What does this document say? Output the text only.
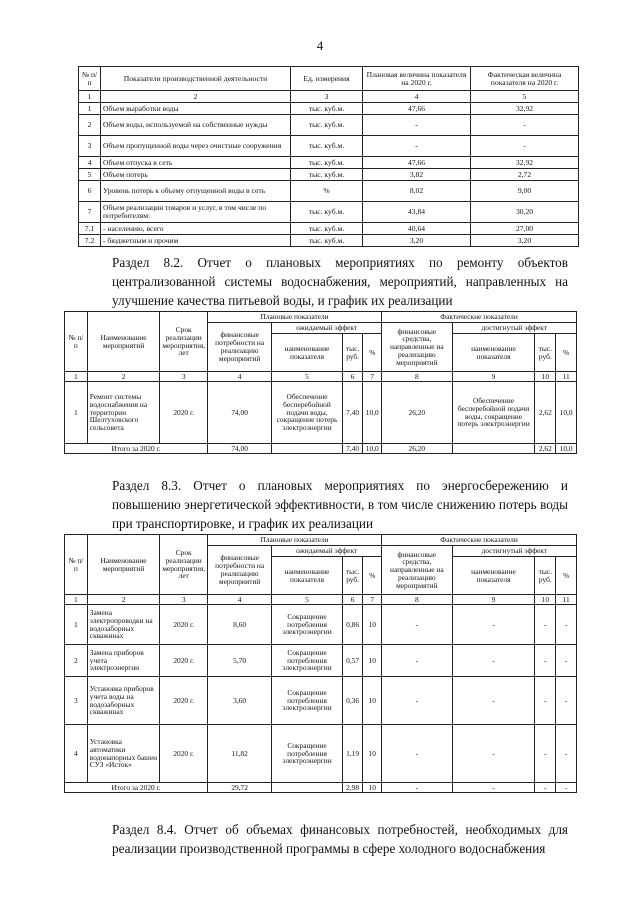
4
№ п/п	Показатели производственной деятельности	Ед. измерения	Плановая величина показателя на 2020 г.	Фактическая величина показателя на 2020 г.
1	2	3	4	5
1	Объем выработки воды	тыс. куб.м.	47,66	32,92
2	Объем воды, используемой на собственные нужды	тыс. куб.м.	-	-
3	Объем пропущенной воды через очистные сооружения	тыс. куб.м.	-	-
4	Объем отпуска в сеть	тыс. куб.м.	47,66	32,92
5	Объем потерь	тыс. куб.м.	3,82	2,72
6	Уровень потерь к объему отпущенной воды в сеть	%	8,02	9,00
7	Объем реализации товаров и услуг, в том числе по потребителям:	тыс. куб.м.	43,84	30,20
7.1	- населению, всего	тыс. куб.м.	40,64	27,00
7.2	- бюджетным и прочим	тыс. куб.м.	3,20	3,20
Раздел 8.2. Отчет о плановых мероприятиях по ремонту объектов централизованной системы водоснабжения, мероприятий, направленных на улучшение качества питьевой воды, и график их реализации
№ п/п	Наименование мероприятий	Срок реализации мероприятия, лет	Плановые показатели				Фактические показатели			
			финансовые потребности на реализацию мероприятий	ожидаемый эффект			финансовые средства, направленные на реализацию мероприятий	достигнутый эффект		
				наименование показателя	тыс. руб.	%		наименование показателя	тыс. руб.	%
1	2	3	4	5	6	7	8	9	10	11
1	Ремонт системы водоснабжения на территории Шелтуховского сельсовета	2020 г.	74,00	Обеспечение бесперебойной подачи воды, сокращение потерь электроэнергии	7,40	10,0	26,20	Обеспечение бесперебойной подачи воды, сокращение потерь электроэнергии	2,62	10,0
Итого за 2020 г.			74,00		7,40	10,0	26,20		2,62	10,0
Раздел 8.3. Отчет о плановых мероприятиях по энергосбережению и повышению энергетической эффективности, в том числе снижению потерь воды при транспортировке, и график их реализации
№ п/п	Наименование мероприятий	Срок реализации мероприятия, лет	Плановые показатели				Фактические показатели			
			финансовые потребности на реализацию мероприятий	ожидаемый эффект			финансовые средства, направленные на реализацию мероприятий	достигнутый эффект		
				наименование показателя	тыс. руб.	%		наименование показателя	тыс. руб.	%
1	2	3	4	5	6	7	8	9	10	11
1	Замена электропроводки на водозаборных скважинах	2020 г.	8,60	Сокращение потребления электроэнергии	0,86	10	-	-	-	-
2	Замена приборов учета электроэнергии	2020 г.	5,70	Сокращение потребления электроэнергии	0,57	10	-	-	-	-
3	Установка приборов учета воды на водозаборных скважинах	2020 г.	3,60	Сокращение потребления электроэнергии	0,36	10	-	-	-	-
4	Установка автоматики водонапорных башен СУЗ «Исток»	2020 г.	11,82	Сокращение потребления электроэнергии	1,19	10	-	-	-	-
Итого за 2020 г.			29,72		2,98	10	-	-	-	-
Раздел 8.4. Отчет об объемах финансовых потребностей, необходимых для реализации производственной программы в сфере холодного водоснабжения
